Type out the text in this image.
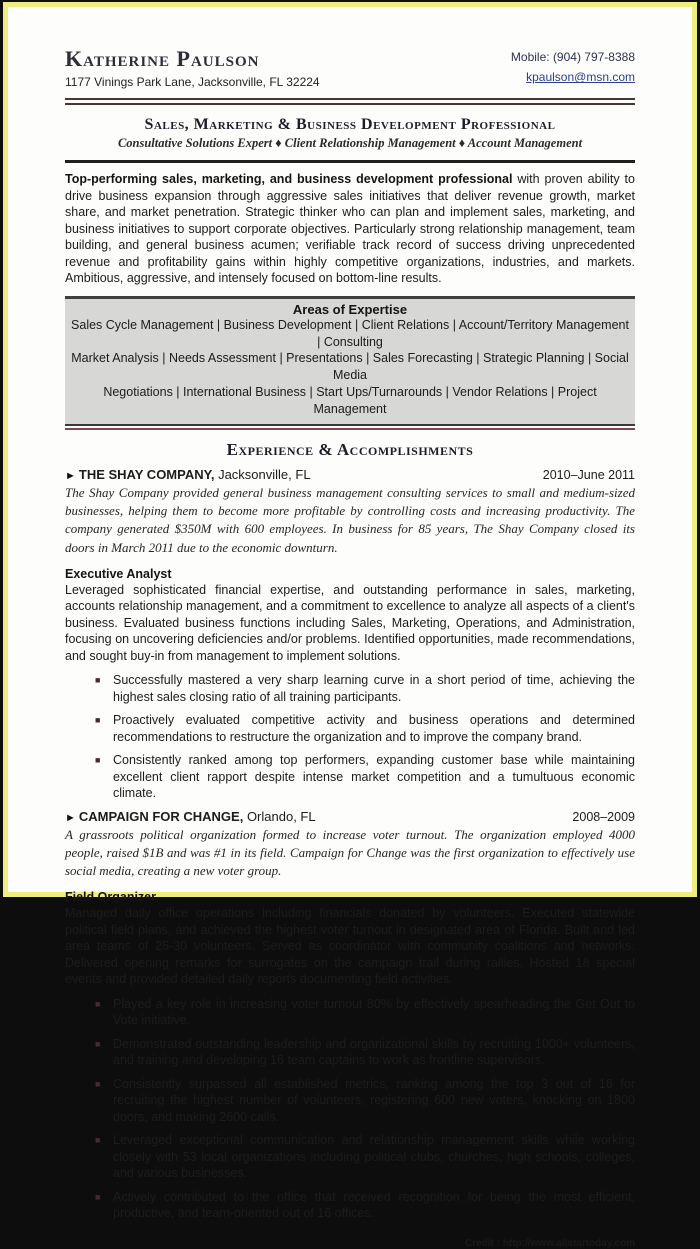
Katherine Paulson
1177 Vinings Park Lane, Jacksonville, FL 32224
Mobile: (904) 797-8388
kpaulson@msn.com
Sales, Marketing & Business Development Professional
Consultative Solutions Expert ♦ Client Relationship Management ♦ Account Management
Top-performing sales, marketing, and business development professional with proven ability to drive business expansion through aggressive sales initiatives that deliver revenue growth, market share, and market penetration. Strategic thinker who can plan and implement sales, marketing, and business initiatives to support corporate objectives. Particularly strong relationship management, team building, and general business acumen; verifiable track record of success driving unprecedented revenue and profitability gains within highly competitive organizations, industries, and markets. Ambitious, aggressive, and intensely focused on bottom-line results.
Areas of Expertise
Sales Cycle Management | Business Development | Client Relations | Account/Territory Management | Consulting
Market Analysis | Needs Assessment | Presentations | Sales Forecasting | Strategic Planning | Social Media
Negotiations | International Business | Start Ups/Turnarounds | Vendor Relations | Project Management
Experience & Accomplishments
► THE SHAY COMPANY, Jacksonville, FL	2010–June 2011
The Shay Company provided general business management consulting services to small and medium-sized businesses, helping them to become more profitable by controlling costs and increasing productivity. The company generated $350M with 600 employees. In business for 85 years, The Shay Company closed its doors in March 2011 due to the economic downturn.
Executive Analyst
Leveraged sophisticated financial expertise, and outstanding performance in sales, marketing, accounts relationship management, and a commitment to excellence to analyze all aspects of a client's business. Evaluated business functions including Sales, Marketing, Operations, and Administration, focusing on uncovering deficiencies and/or problems. Identified opportunities, made recommendations, and sought buy-in from management to implement solutions.
■	Successfully mastered a very sharp learning curve in a short period of time, achieving the highest sales closing ratio of all training participants.
■	Proactively evaluated competitive activity and business operations and determined recommendations to restructure the organization and to improve the company brand.
■	Consistently ranked among top performers, expanding customer base while maintaining excellent client rapport despite intense market competition and a tumultuous economic climate.
► CAMPAIGN FOR CHANGE, Orlando, FL	2008–2009
A grassroots political organization formed to increase voter turnout. The organization employed 4000 people, raised $1B and was #1 in its field. Campaign for Change was the first organization to effectively use social media, creating a new voter group.
Field Organizer
Managed daily office operations including financials donated by volunteers. Executed statewide political field plans, and achieved the highest voter turnout in designated area of Florida. Built and led area teams of 25-30 volunteers. Served as coordinator with community coalitions and networks. Delivered opening remarks for surrogates on the campaign trail during rallies. Hosted 18 special events and provided detailed daily reports documenting field activities.
■	Played a key role in increasing voter turnout 80% by effectively spearheading the Get Out to Vote initiative.
■	Demonstrated outstanding leadership and organizational skills by recruiting 1000+ volunteers, and training and developing 16 team captains to work as frontline supervisors.
■	Consistently surpassed all established metrics, ranking among the top 3 out of 16 for recruiting the highest number of volunteers, registering 600 new voters, knocking on 1800 doors, and making 2600 calls.
■	Leveraged exceptional communication and relationship management skills while working closely with 53 local organizations including political clubs, churches, high schools, colleges, and various businesses.
■	Actively contributed to the office that received recognition for being the most efficient, productive, and team-oriented out of 16 offices.
Credit : http://www.allstartoday.com
